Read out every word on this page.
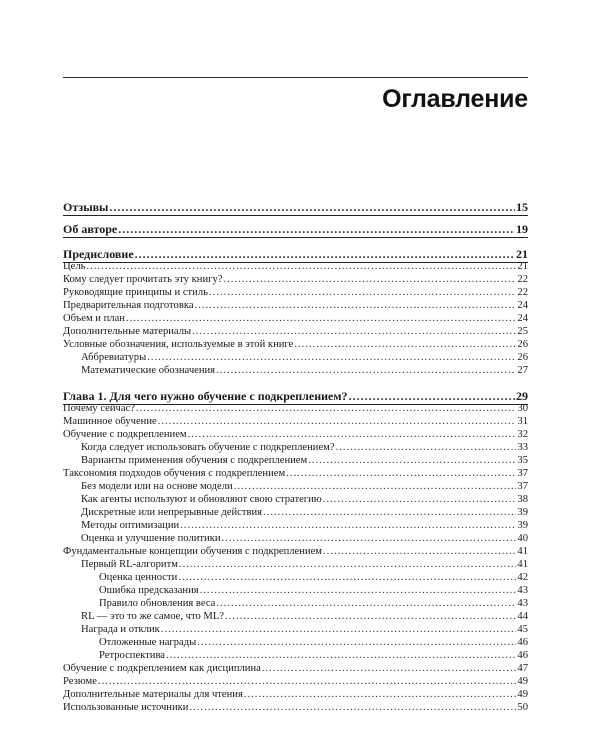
Оглавление
Отзывы .....	15
Об авторе .....	19
Предисловие .....	21
Цель .....	21
Кому следует прочитать эту книгу? .....	22
Руководящие принципы и стиль .....	22
Предварительная подготовка .....	24
Объем и план .....	24
Дополнительные материалы .....	25
Условные обозначения, используемые в этой книге .....	26
Аббревиатуры .....	26
Математические обозначения .....	27
Глава 1. Для чего нужно обучение с подкреплением? .....	29
Почему сейчас? .....	30
Машинное обучение .....	31
Обучение с подкреплением .....	32
Когда следует использовать обучение с подкреплением? .....	33
Варианты применения обучения с подкреплением .....	35
Таксономия подходов обучения с подкреплением .....	37
Без модели или на основе модели .....	37
Как агенты используют и обновляют свою стратегию .....	38
Дискретные или непрерывные действия .....	39
Методы оптимизации .....	39
Оценка и улучшение политики .....	40
Фундаментальные концепции обучения с подкреплением .....	41
Первый RL-алгоритм .....	41
Оценка ценности .....	42
Ошибка предсказания .....	43
Правило обновления веса .....	43
RL — это то же самое, что ML? .....	44
Награда и отклик .....	45
Отложенные награды .....	46
Ретроспектива .....	46
Обучение с подкреплением как дисциплина .....	47
Резюме .....	49
Дополнительные материалы для чтения .....	49
Использованные источники .....	50
